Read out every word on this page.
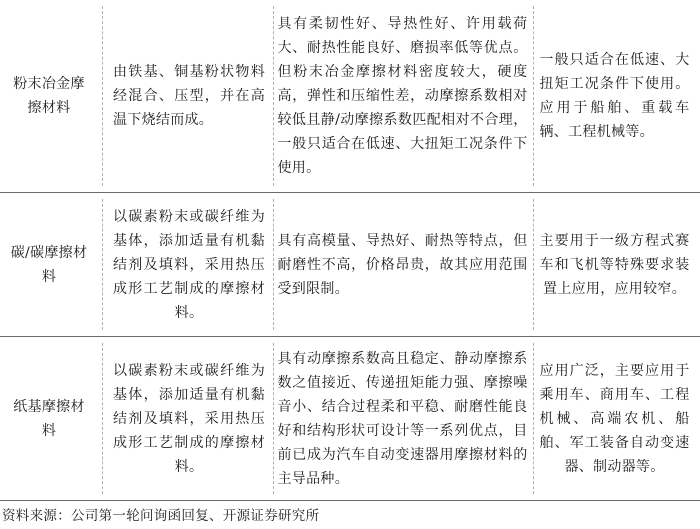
粉末冶金摩擦材料
由铁基、铜基粉状物料经混合、压型，并在高温下烧结而成。
具有柔韧性好、导热性好、许用载荷大、耐热性能良好、磨损率低等优点。但粉末冶金摩擦材料密度较大，硬度高，弹性和压缩性差，动摩擦系数相对较低且静/动摩擦系数匹配相对不合理，一般只适合在低速、大扭矩工况条件下使用。
一般只适合在低速、大扭矩工况条件下使用。应用于船舶、重载车辆、工程机械等。
碳/碳摩擦材料
以碳素粉末或碳纤维为基体，添加适量有机黏结剂及填料，采用热压成形工艺制成的摩擦材料。
具有高模量、导热好、耐热等特点，但耐磨性不高，价格昂贵，故其应用范围受到限制。
主要用于一级方程式赛车和飞机等特殊要求装置上应用，应用较窄。
纸基摩擦材料
以碳素粉末或碳纤维为基体，添加适量有机黏结剂及填料，采用热压成形工艺制成的摩擦材料。
具有动摩擦系数高且稳定、静动摩擦系数之值接近、传递扭矩能力强、摩擦噪音小、结合过程柔和平稳、耐磨性能良好和结构形状可设计等一系列优点，目前已成为汽车自动变速器用摩擦材料的主导品种。
应用广泛，主要应用于乘用车、商用车、工程机械、高端农机、船舶、军工装备自动变速器、制动器等。
资料来源：公司第一轮问询函回复、开源证券研究所
